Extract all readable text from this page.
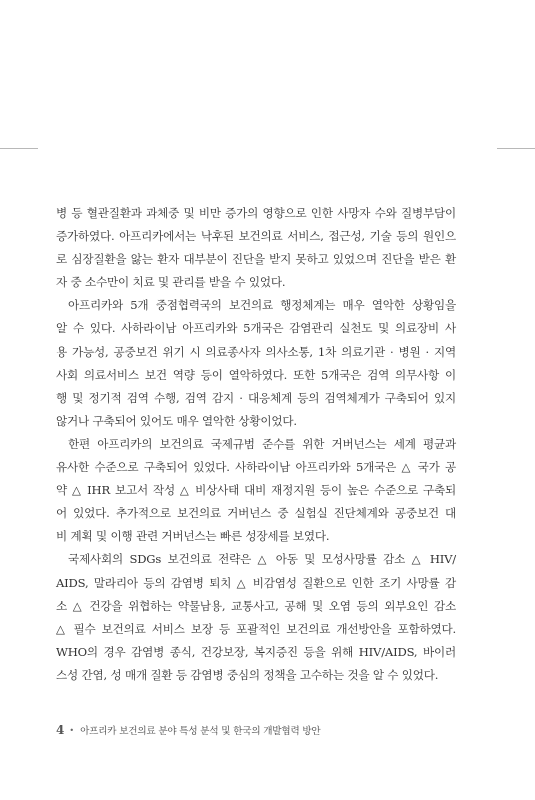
병 등 혈관질환과 과체중 및 비만 증가의 영향으로 인한 사망자 수와 질병부담이
증가하였다. 아프리카에서는 낙후된 보건의료 서비스, 접근성, 기술 등의 원인으
로 심장질환을 앓는 환자 대부분이 진단을 받지 못하고 있었으며 진단을 받은 환
자 중 소수만이 치료 및 관리를 받을 수 있었다.
아프리카와 5개 중점협력국의 보건의료 행정체계는 매우 열악한 상황임을
알 수 있다. 사하라이남 아프리카와 5개국은 감염관리 실천도 및 의료장비 사
용 가능성, 공중보건 위기 시 의료종사자 의사소통, 1차 의료기관 · 병원 · 지역
사회 의료서비스 보건 역량 등이 열악하였다. 또한 5개국은 검역 의무사항 이
행 및 정기적 검역 수행, 검역 감지 · 대응체계 등의 검역체계가 구축되어 있지
않거나 구축되어 있어도 매우 열악한 상황이었다.
한편 아프리카의 보건의료 국제규범 준수를 위한 거버넌스는 세계 평균과
유사한 수준으로 구축되어 있었다. 사하라이남 아프리카와 5개국은 △ 국가 공
약 △ IHR 보고서 작성 △ 비상사태 대비 재정지원 등이 높은 수준으로 구축되
어 있었다. 추가적으로 보건의료 거버넌스 중 실험실 진단체계와 공중보건 대
비 계획 및 이행 관련 거버넌스는 빠른 성장세를 보였다.
국제사회의 SDGs 보건의료 전략은 △ 아동 및 모성사망률 감소 △ HIV/
AIDS, 말라리아 등의 감염병 퇴치 △ 비감염성 질환으로 인한 조기 사망률 감
소 △ 건강을 위협하는 약물남용, 교통사고, 공해 및 오염 등의 외부요인 감소
△ 필수 보건의료 서비스 보장 등 포괄적인 보건의료 개선방안을 포함하였다.
WHO의 경우 감염병 종식, 건강보장, 복지증진 등을 위해 HIV/AIDS, 바이러
스성 간염, 성 매개 질환 등 감염병 중심의 정책을 고수하는 것을 알 수 있었다.
4 • 아프리카 보건의료 분야 특성 분석 및 한국의 개발협력 방안
